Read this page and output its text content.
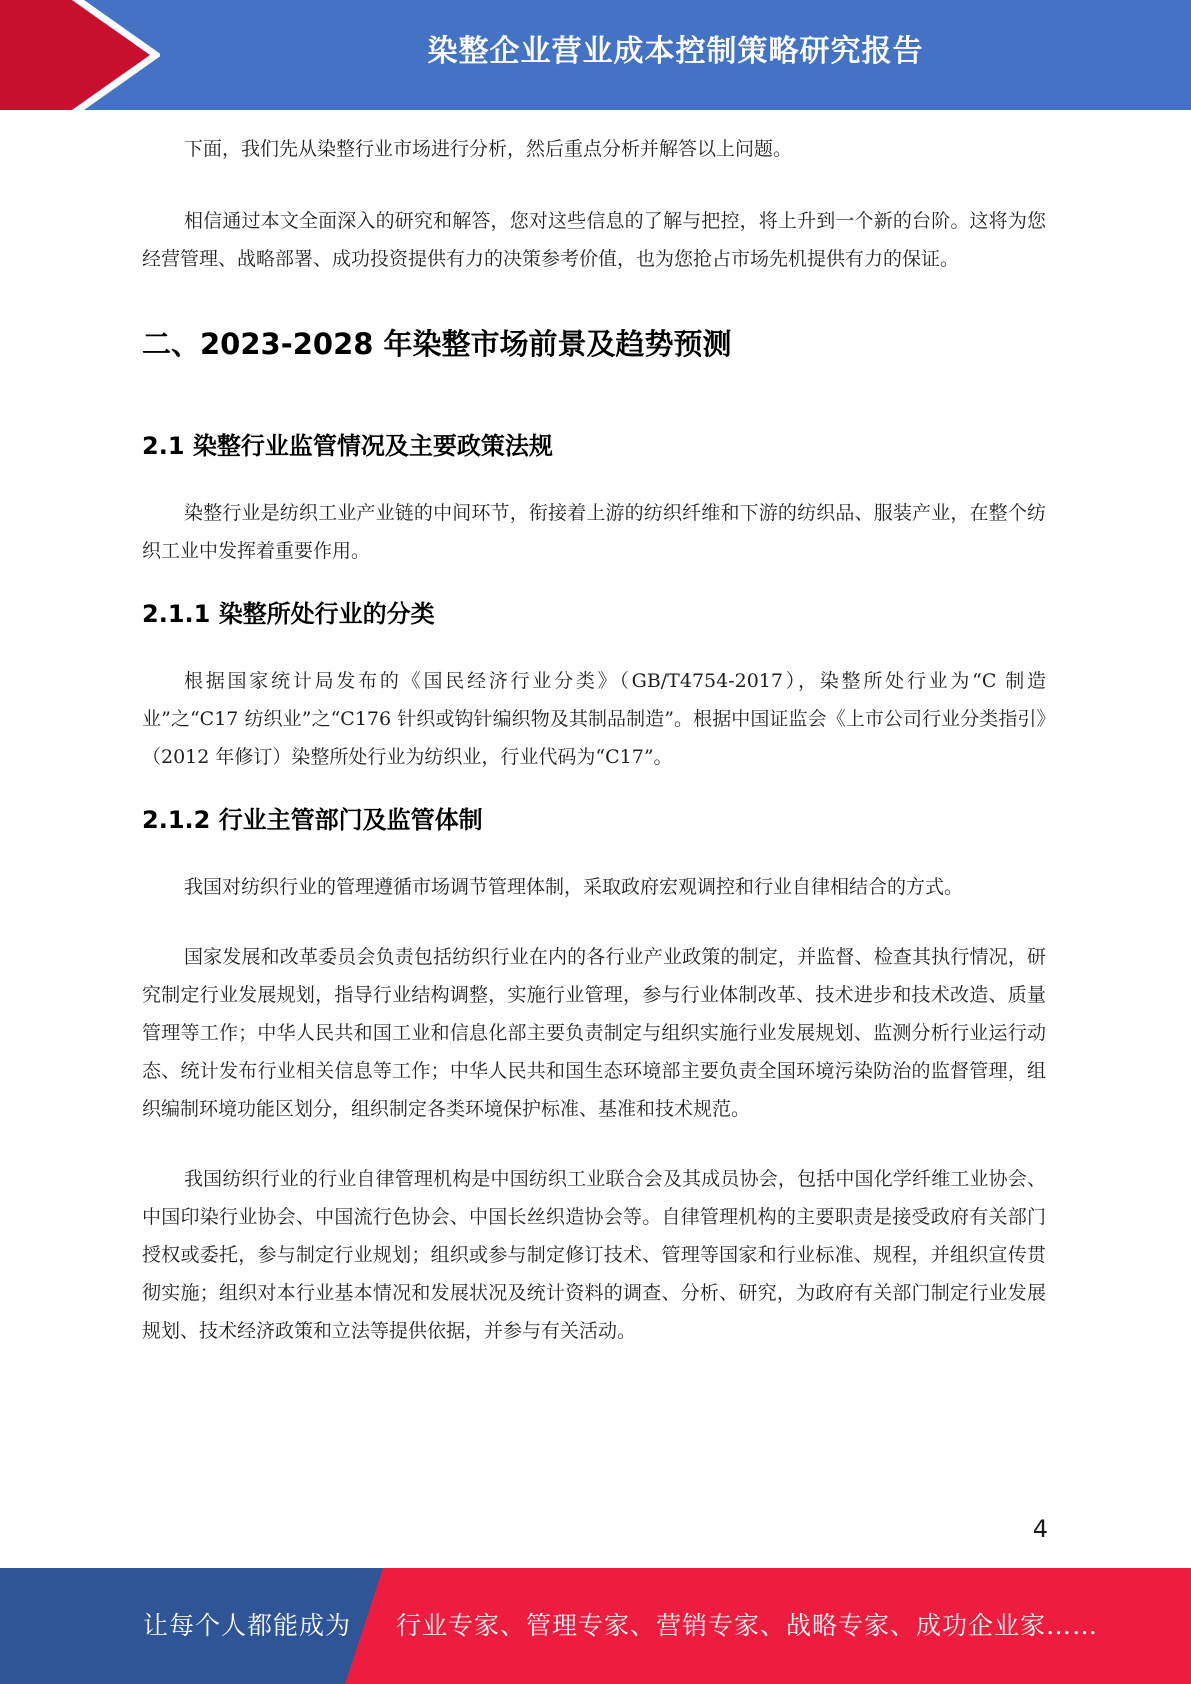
染整企业营业成本控制策略研究报告

下面，我们先从染整行业市场进行分析，然后重点分析并解答以上问题。

相信通过本文全面深入的研究和解答，您对这些信息的了解与把控，将上升到一个新的台阶。这将为您经营管理、战略部署、成功投资提供有力的决策参考价值，也为您抢占市场先机提供有力的保证。

二、2023-2028 年染整市场前景及趋势预测
2.1 染整行业监管情况及主要政策法规

染整行业是纺织工业产业链的中间环节，衔接着上游的纺织纤维和下游的纺织品、服装产业，在整个纺织工业中发挥着重要作用。

2.1.1 染整所处行业的分类

根据国家统计局发布的《国民经济行业分类》（GB/T4754-2017），染整所处行业为“C 制造业”之“C17 纺织业”之“C176 针织或钩针编织物及其制品制造”。根据中国证监会《上市公司行业分类指引》（2012 年修订）染整所处行业为纺织业，行业代码为“C17”。

2.1.2 行业主管部门及监管体制

我国对纺织行业的管理遵循市场调节管理体制，采取政府宏观调控和行业自律相结合的方式。

国家发展和改革委员会负责包括纺织行业在内的各行业产业政策的制定，并监督、检查其执行情况，研究制定行业发展规划，指导行业结构调整，实施行业管理，参与行业体制改革、技术进步和技术改造、质量管理等工作；中华人民共和国工业和信息化部主要负责制定与组织实施行业发展规划、监测分析行业运行动态、统计发布行业相关信息等工作；中华人民共和国生态环境部主要负责全国环境污染防治的监督管理，组织编制环境功能区划分，组织制定各类环境保护标准、基准和技术规范。

我国纺织行业的行业自律管理机构是中国纺织工业联合会及其成员协会，包括中国化学纤维工业协会、中国印染行业协会、中国流行色协会、中国长丝织造协会等。自律管理机构的主要职责是接受政府有关部门授权或委托，参与制定行业规划；组织或参与制定修订技术、管理等国家和行业标准、规程，并组织宣传贯彻实施；组织对本行业基本情况和发展状况及统计资料的调查、分析、研究，为政府有关部门制定行业发展规划、技术经济政策和立法等提供依据，并参与有关活动。

4
让每个人都能成为 行业专家、管理专家、营销专家、战略专家、成功企业家……
